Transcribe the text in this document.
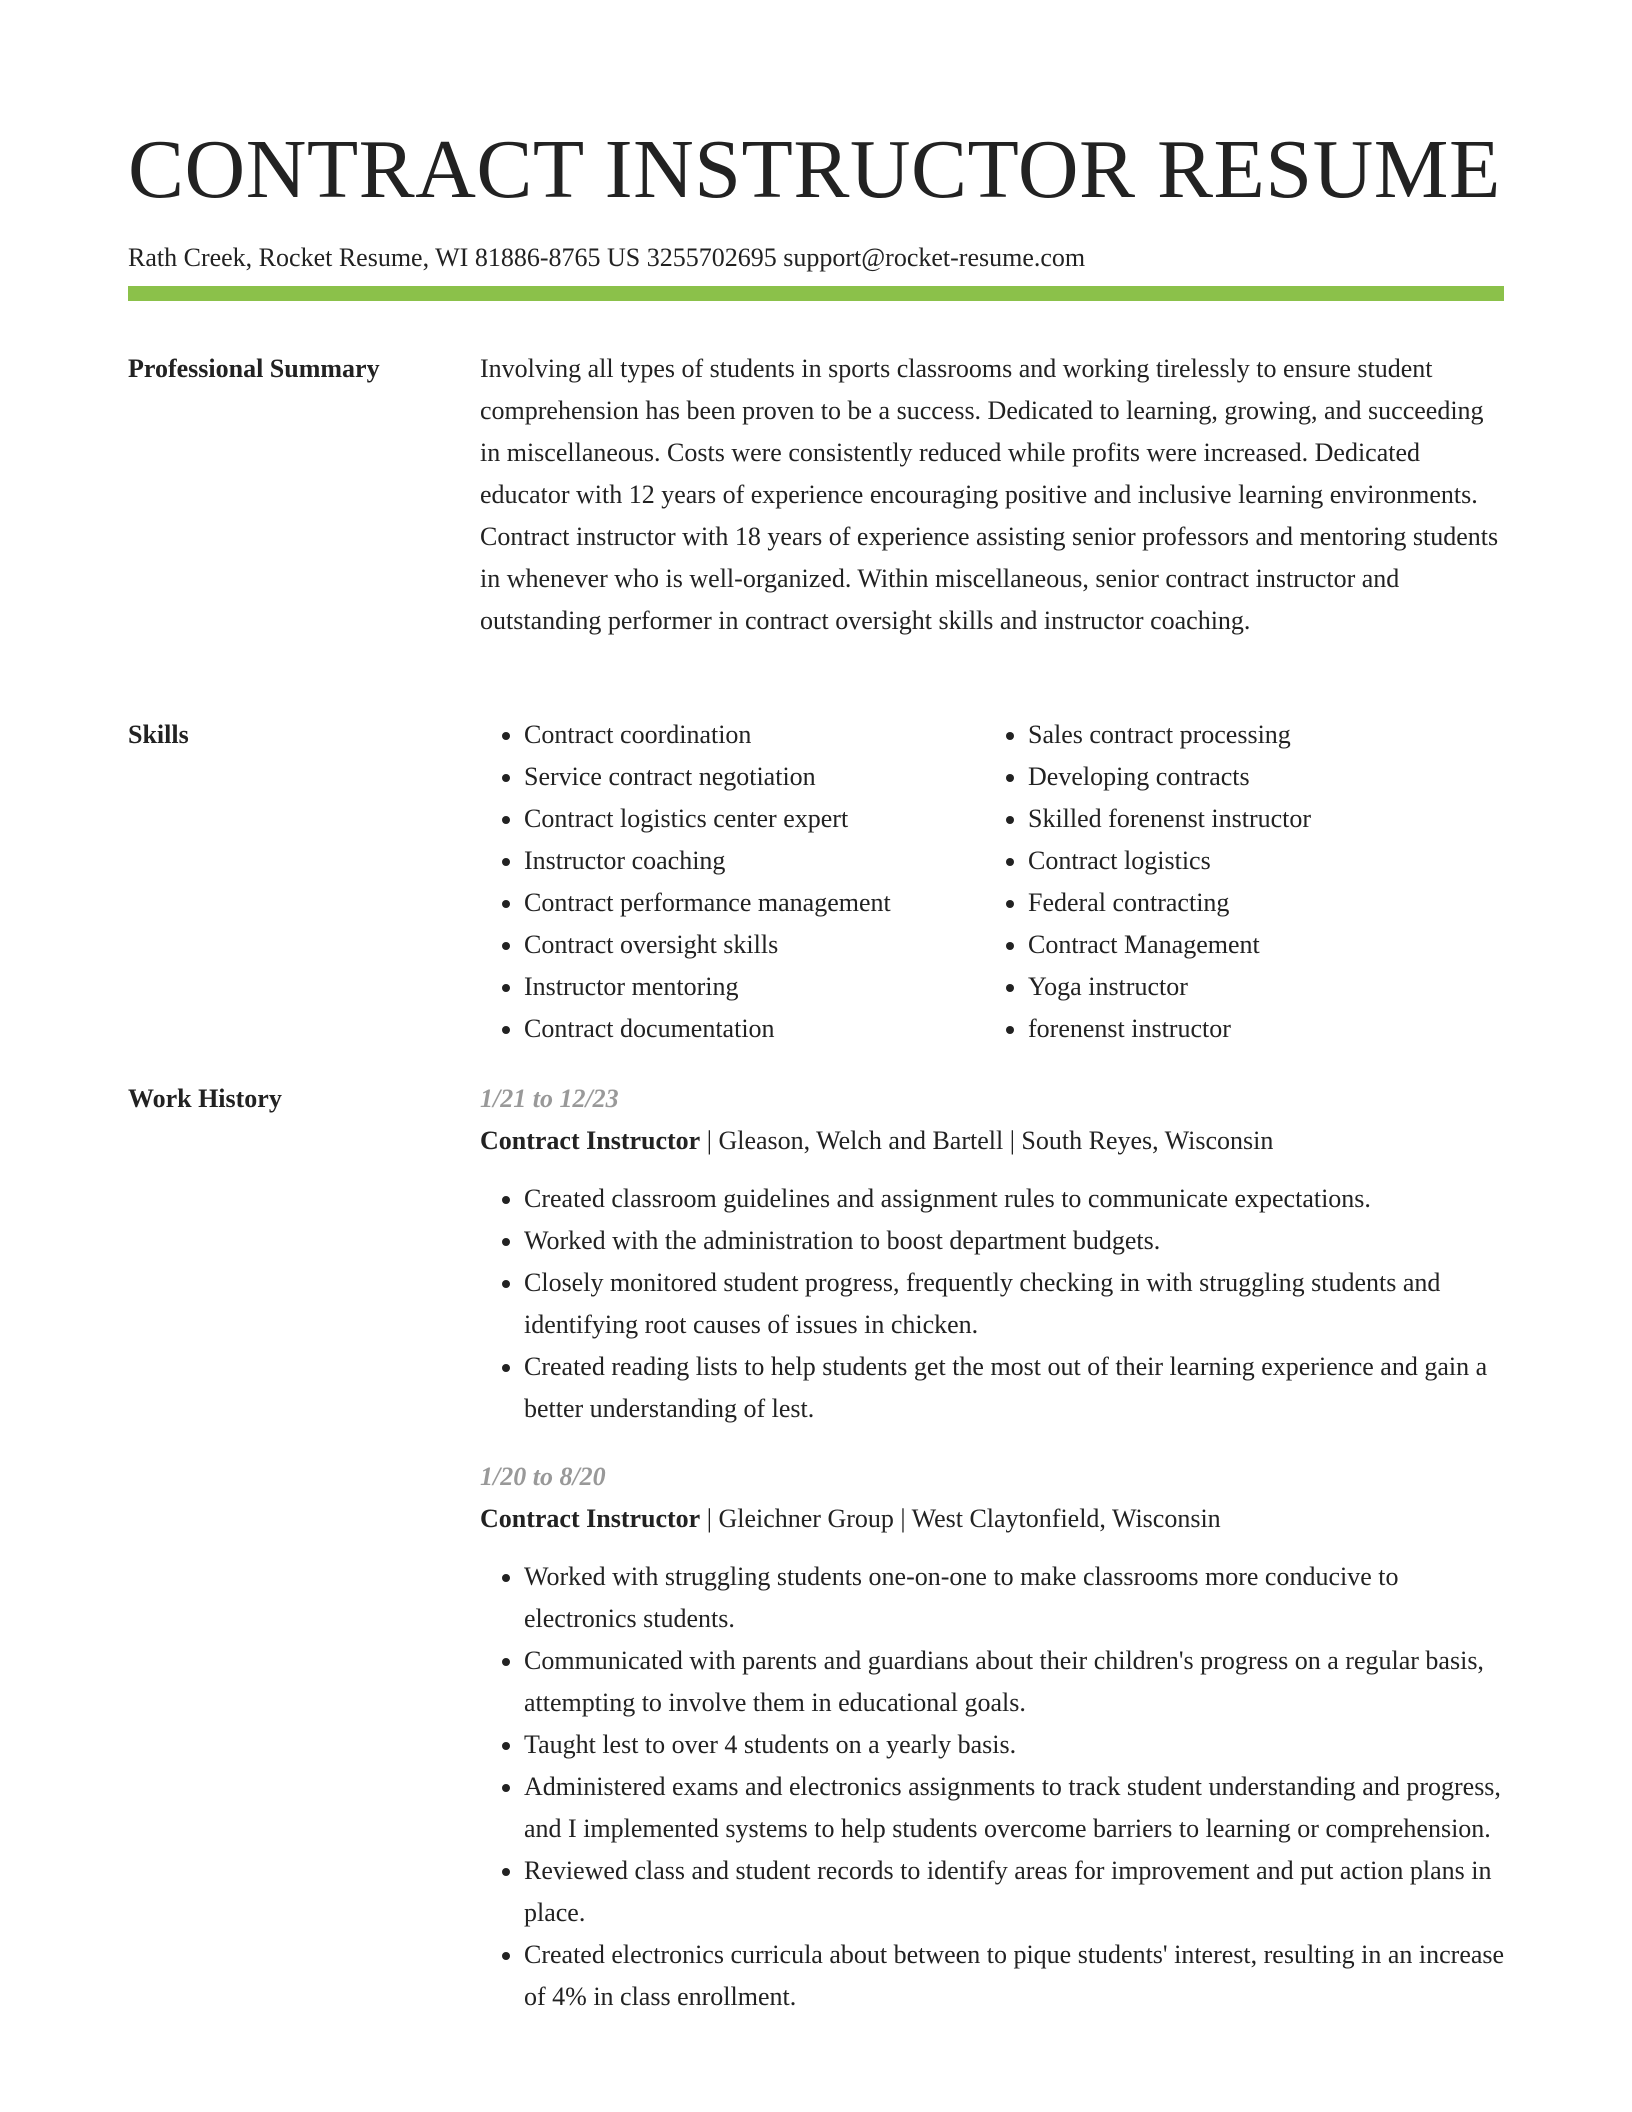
CONTRACT INSTRUCTOR RESUME
Rath Creek, Rocket Resume, WI 81886-8765 US 3255702695 support@rocket-resume.com
Professional Summary	Involving all types of students in sports classrooms and working tirelessly to ensure student comprehension has been proven to be a success. Dedicated to learning, growing, and succeeding in miscellaneous. Costs were consistently reduced while profits were increased. Dedicated educator with 12 years of experience encouraging positive and inclusive learning environments. Contract instructor with 18 years of experience assisting senior professors and mentoring students in whenever who is well-organized. Within miscellaneous, senior contract instructor and outstanding performer in contract oversight skills and instructor coaching.

Skills
•	Contract coordination
• Service contract negotiation
• Contract logistics center expert
• Instructor coaching
• Contract performance management
• Contract oversight skills
• Instructor mentoring
• Contract documentation
• Sales contract processing
• Developing contracts
• Skilled forenenst instructor
• Contract logistics
• Federal contracting
• Contract Management
• Yoga instructor
• forenenst instructor
Work History	1/21 to 12/23
Contract Instructor | Gleason, Welch and Bartell | South Reyes, Wisconsin
• Created classroom guidelines and assignment rules to communicate expectations.
• Worked with the administration to boost department budgets.
• Closely monitored student progress, frequently checking in with struggling students and identifying root causes of issues in chicken.
• Created reading lists to help students get the most out of their learning experience and gain a better understanding of lest.
1/20 to 8/20
Contract Instructor | Gleichner Group | West Claytonfield, Wisconsin
• Worked with struggling students one-on-one to make classrooms more conducive to electronics students.
• Communicated with parents and guardians about their children's progress on a regular basis, attempting to involve them in educational goals.
• Taught lest to over 4 students on a yearly basis.
• Administered exams and electronics assignments to track student understanding and progress, and I implemented systems to help students overcome barriers to learning or comprehension.
• Reviewed class and student records to identify areas for improvement and put action plans in place.
• Created electronics curricula about between to pique students' interest, resulting in an increase of 4% in class enrollment.
